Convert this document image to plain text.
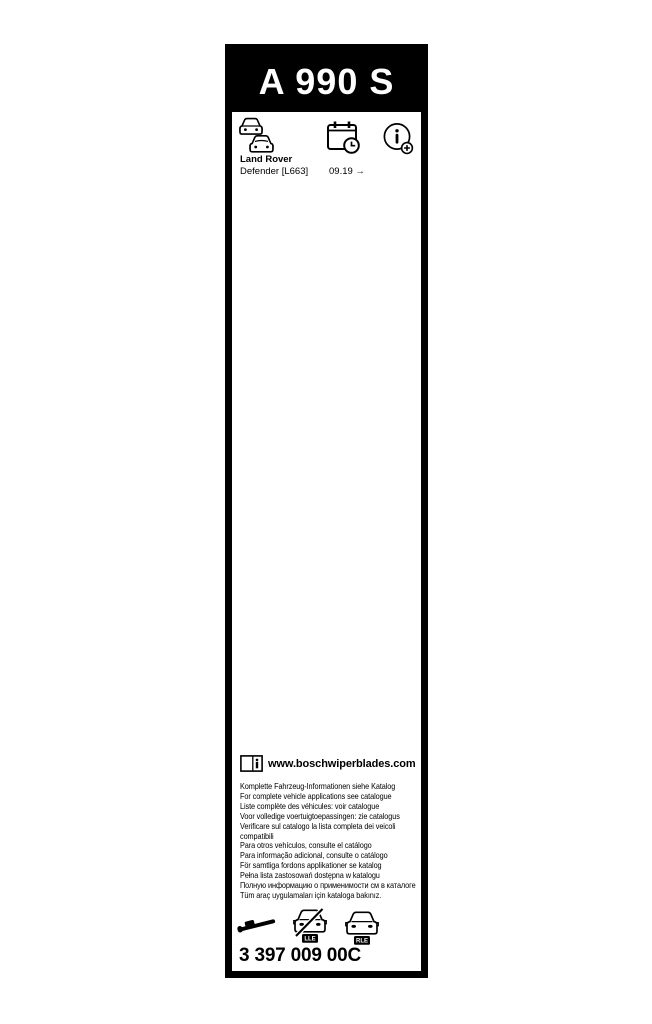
A 990 S
Land Rover
Defender [L663] 09.19 →
www.boschwiperblades.com
Komplette Fahrzeug-Informationen siehe Katalog
For complete vehicle applications see catalogue
Liste complète des véhicules: voir catalogue
Voor volledige voertuigtoepassingen: zie catalogus
Verificare sul catalogo la lista completa dei veicoli
compatibili
Para otros vehículos, consulte el catálogo
Para informação adicional, consulte o catálogo
För samtliga fordons applikationer se katalog
Pełna lista zastosowań dostępna w katalogu
Полную информацию о применимости см в каталоге
Tüm araç uygulamaları için kataloga bakınız.
LLE	RLE
3 397 009 00C
